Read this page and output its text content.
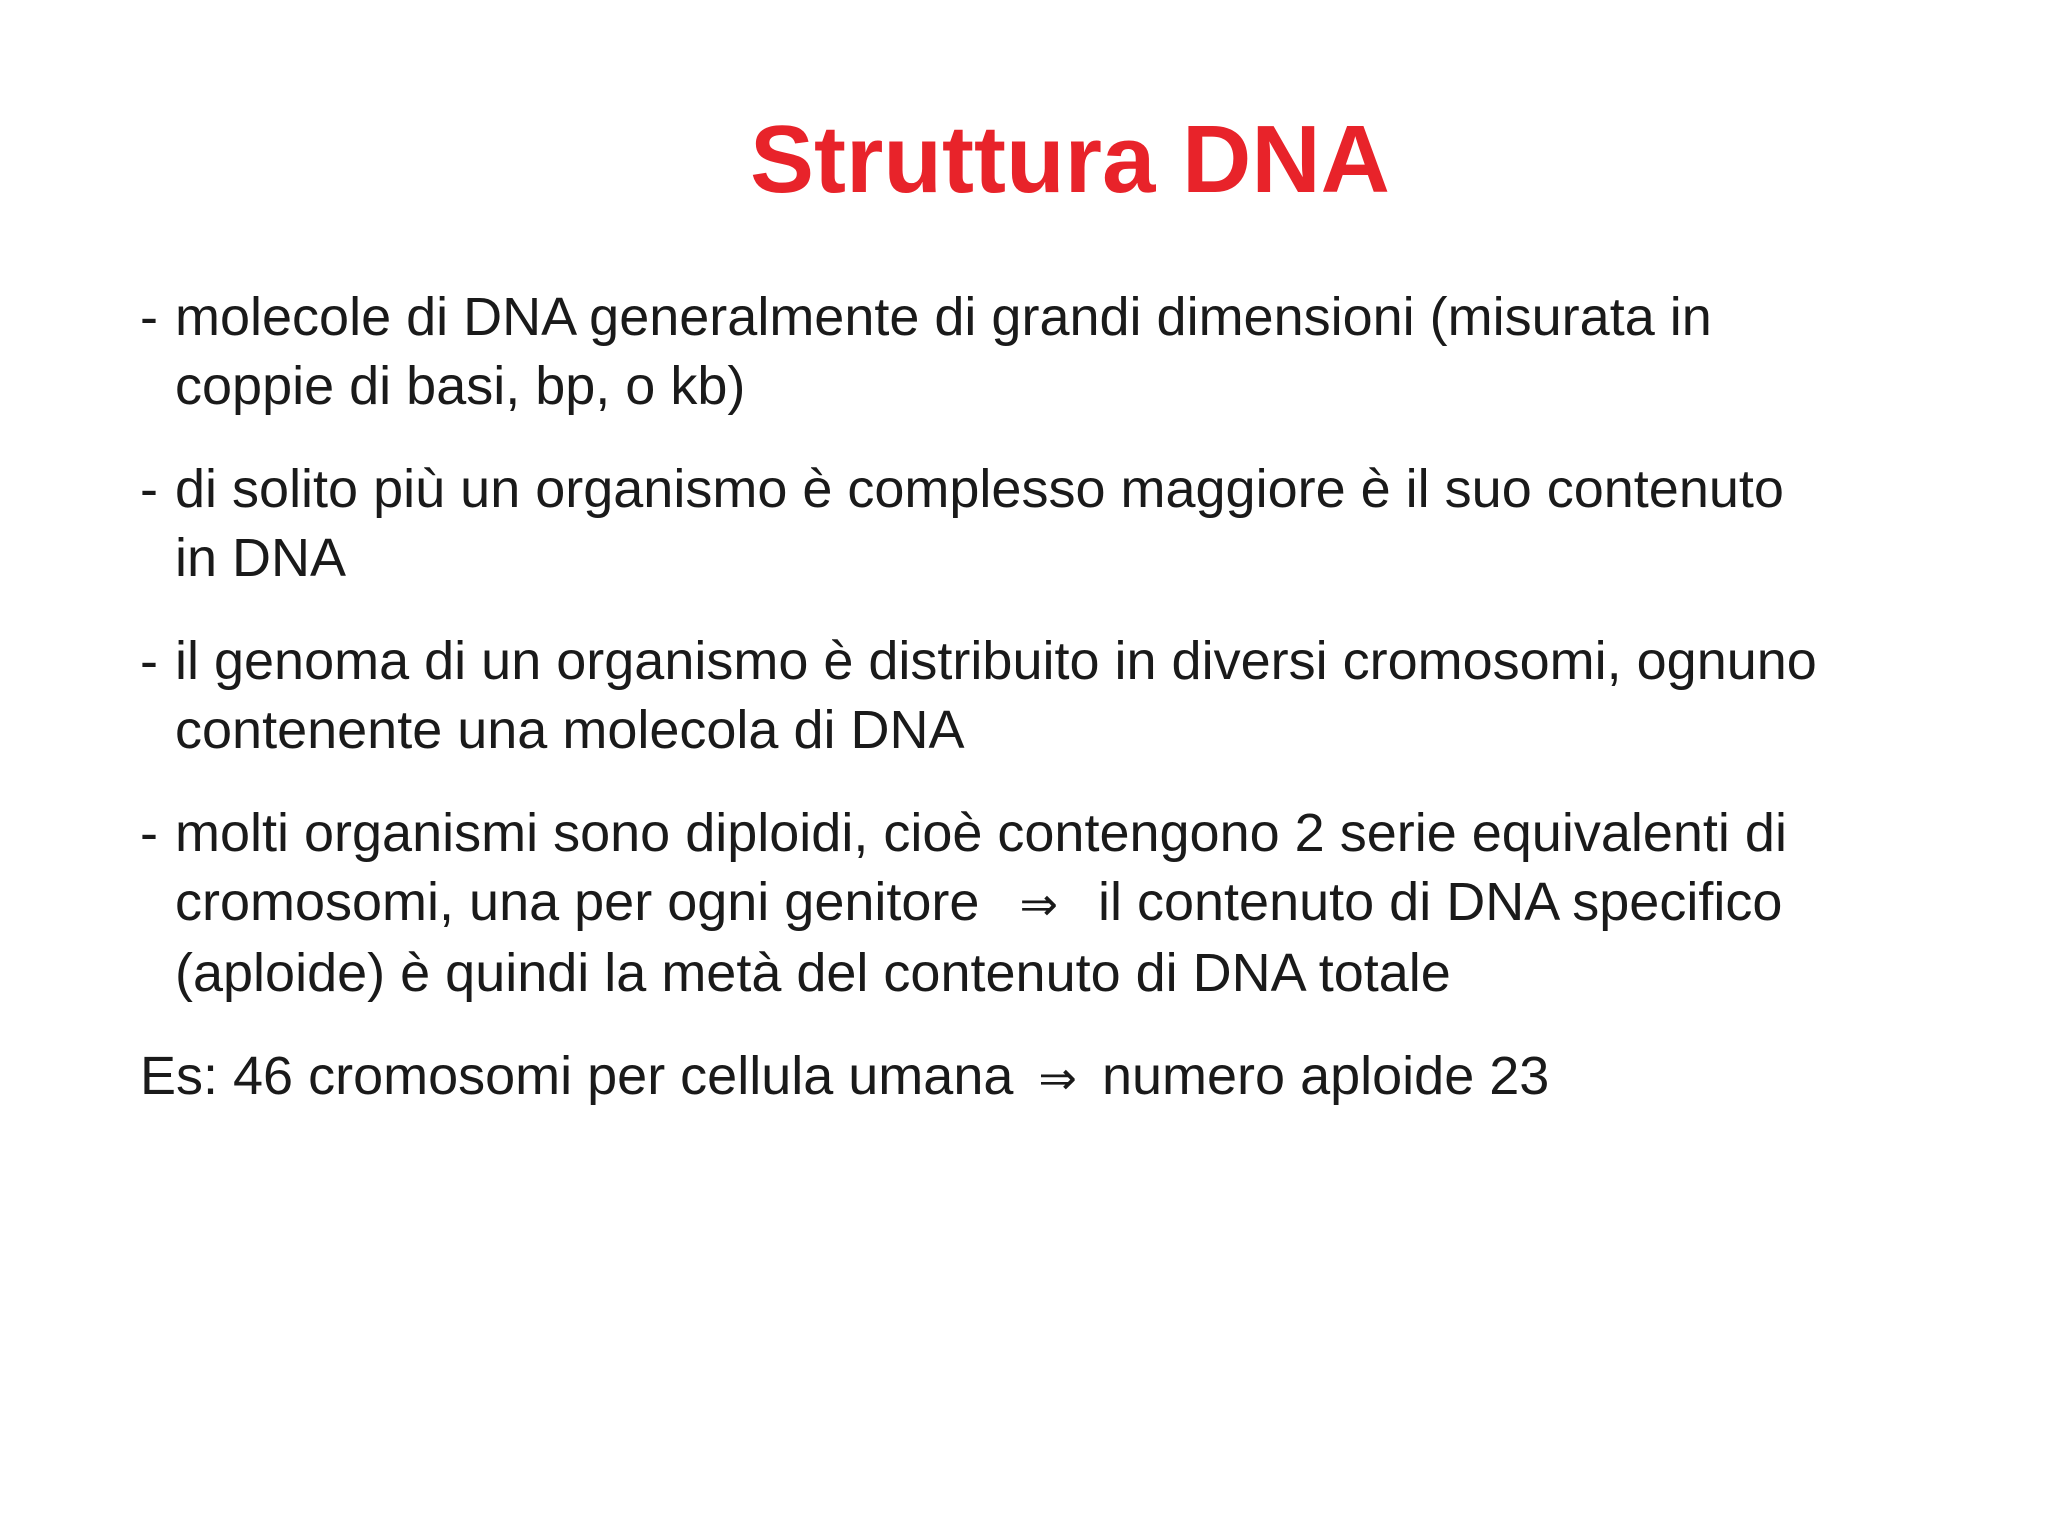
Struttura DNA
- molecole di DNA generalmente di grandi dimensioni (misurata in
coppie di basi, bp, o kb)
- di solito più un organismo è complesso maggiore è il suo contenuto
in DNA
- il genoma di un organismo è distribuito in diversi cromosomi, ognuno
contenente una molecola di DNA
- molti organismi sono diploidi, cioè contengono 2 serie equivalenti di
cromosomi, una per ogni genitore ⇒ il contenuto di DNA specifico
(aploide) è quindi la metà del contenuto di DNA totale
Es: 46 cromosomi per cellula umana ⇒ numero aploide 23
